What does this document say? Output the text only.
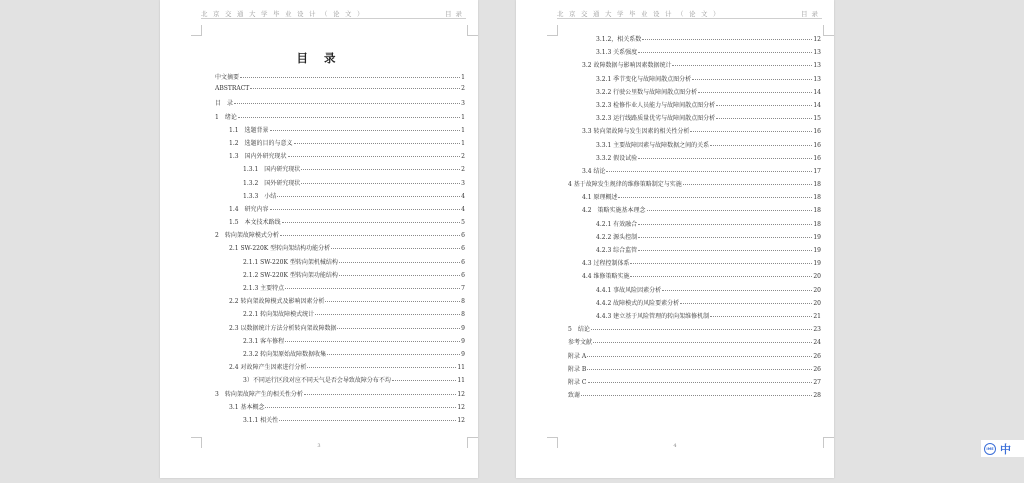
北京交通大学毕业设计（论文）	目录
目 录
中文摘要	1
ABSTRACT	2
目　录	3
1　绪论	1
1.1　选题背景	1
1.2　选题的目的与意义	1
1.3　国内外研究现状	2
1.3.1　国内研究现状	2
1.3.2　国外研究现状	3
1.3.3　小结	4
1.4　研究内容	4
1.5　本文技术路线	5
2　转向架故障模式分析	6
2.1 SW-220K 型转向架结构功能分析	6
2.1.1 SW-220K 型转向架机械结构	6
2.1.2 SW-220K 型转向架功能结构	6
2.1.3 主要特点	7
2.2 转向架故障模式及影响因素分析	8
2.2.1 转向架故障模式统计	8
2.3 以数据统计方法分析转向架故障数据	9
2.3.1 客车修程	9
2.3.2 转向架原始故障数据收集	9
2.4 对故障产生因素进行分析	11
3）不同运行区段对应不同天气是否会导致故障分布不均	11
3　转向架故障产生的相关性分析	12
3.1 基本概念	12
3.1.1 相关性	12
3
北京交通大学毕业设计（论文）	目录
3.1.2，相关系数	12
3.1.3 关系强度	13
3.2 故障数据与影响因素数据统计	13
3.2.1 季节变化与故障间散点图分析	13
3.2.2 行驶公里数与故障间散点图分析	14
3.2.3 检修作业人员能力与故障间散点图分析	14
3.2.3 运行线路质量优劣与故障间散点图分析	15
3.3 转向架故障与发生因素的相关性分析	16
3.3.1 主要故障因素与故障数据之间的关系	16
3.3.2 假设试验	16
3.4 结论	17
4 基于故障发生规律的维修策略制定与实施	18
4.1 原理概述	18
4.2　策略实施基本理念	18
4.2.1 有效融合	18
4.2.2 源头控制	19
4.2.3 综合监管	19
4.3 过程控制体系	19
4.4 维修策略实施	20
4.4.1 事故风险因素分析	20
4.4.2 故障模式的风险要素分析	20
4.4.3 建立基于风险管理的转向架维修机制	21
5　结论	23
参考文献	24
附录 A	26
附录 B	26
附录 C	27
致谢	28
4	IME 中
